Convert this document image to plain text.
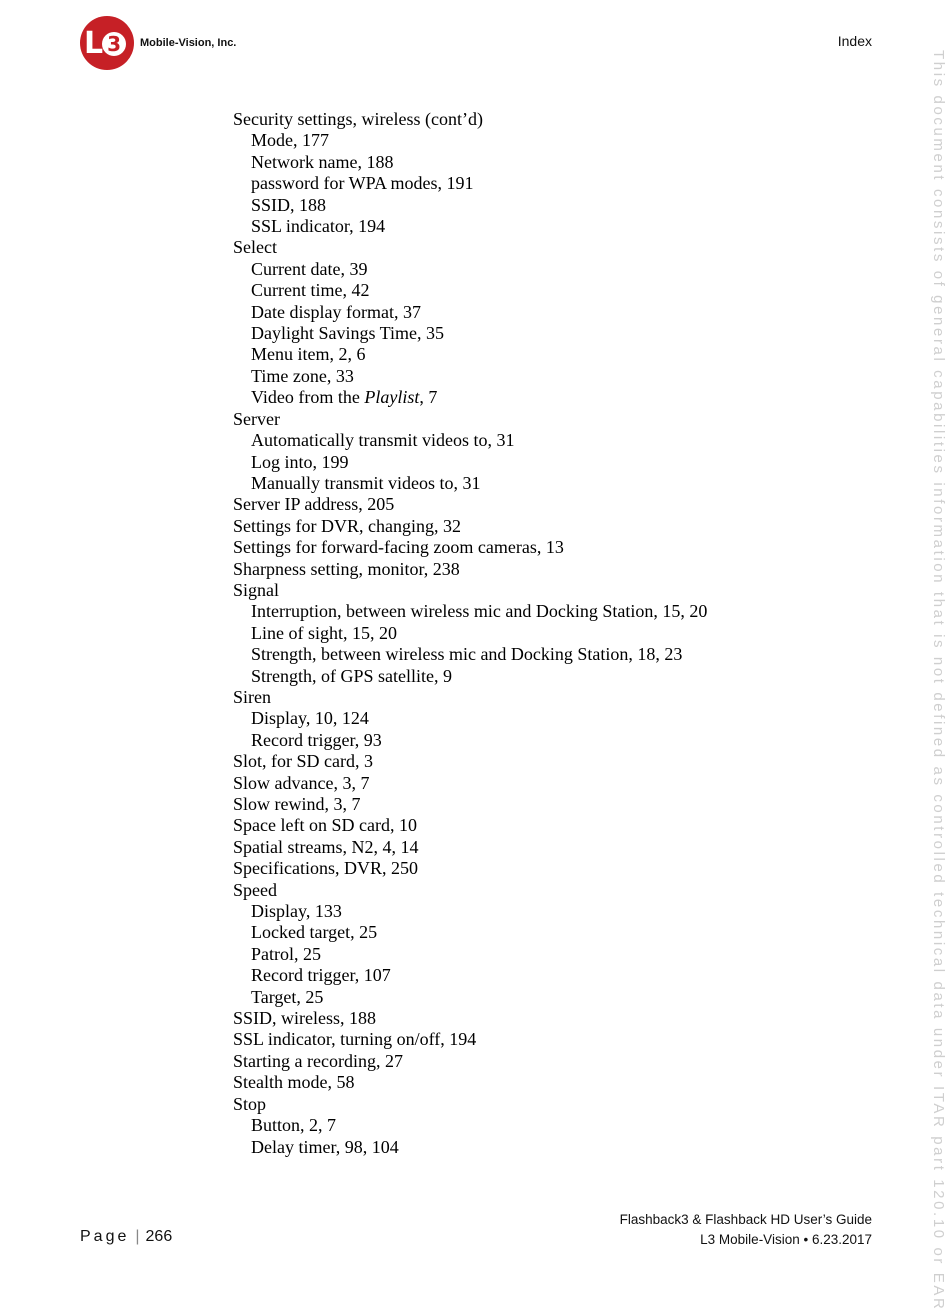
L 3	Mobile-Vision, Inc.	Index
Security settings, wireless (cont’d)
Mode, 177
Network name, 188
password for WPA modes, 191
SSID, 188
SSL indicator, 194
Select
Current date, 39
Current time, 42
Date display format, 37
Daylight Savings Time, 35
Menu item, 2, 6
Time zone, 33
Video from the Playlist, 7
Server
Automatically transmit videos to, 31
Log into, 199
Manually transmit videos to, 31
Server IP address, 205
Settings for DVR, changing, 32
Settings for forward-facing zoom cameras, 13
Sharpness setting, monitor, 238
Signal
Interruption, between wireless mic and Docking Station, 15, 20
Line of sight, 15, 20
Strength, between wireless mic and Docking Station, 18, 23
Strength, of GPS satellite, 9
Siren
Display, 10, 124
Record trigger, 93
Slot, for SD card, 3
Slow advance, 3, 7
Slow rewind, 3, 7
Space left on SD card, 10
Spatial streams, N2, 4, 14
Specifications, DVR, 250
Speed
Display, 133
Locked target, 25
Patrol, 25
Record trigger, 107
Target, 25
SSID, wireless, 188
SSL indicator, turning on/off, 194
Starting a recording, 27
Stealth mode, 58
Stop
Button, 2, 7
Delay timer, 98, 104	This document consists of general capabilities information that is not defined as controlled technical data under ITAR part 120.10 or EAR
Page | 266
Flashback3 & Flashback HD User’s Guide
L3 Mobile-Vision • 6.23.2017
